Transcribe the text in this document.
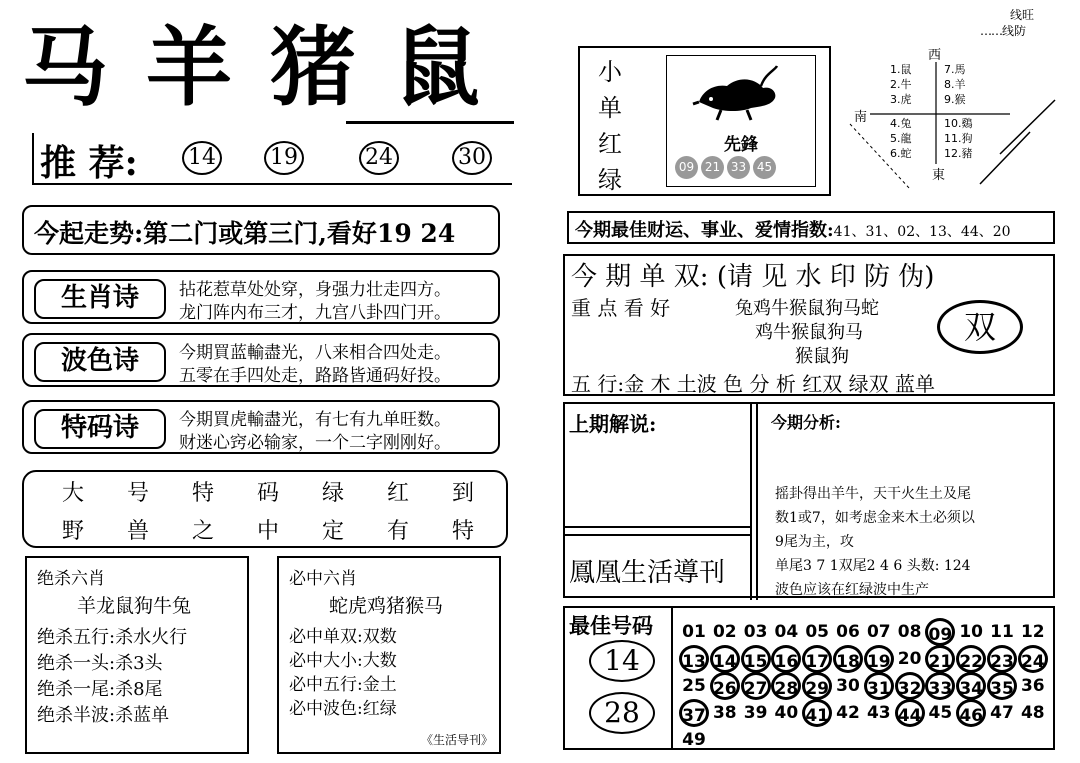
马羊猪鼠
推 荐: 14 19	24	30
今起走势:第二门或第三门,看好19 24
生肖诗	拈花惹草处处穿，身强力壮走四方。
龙门阵内布三才，九宫八卦四门开。
波色诗	今期買蓝輸盡光，八来相合四处走。
五零在手四处走，路路皆通码好投。
特码诗	今期買虎輸盡光，有七有九单旺数。
财迷心窍必输家，一个二字刚刚好。
大 号 特 码 绿 红 到
野 兽 之 中 定 有 特
绝杀六肖
羊龙鼠狗牛兔
绝杀五行:杀水火行
绝杀一头:杀3头
绝杀一尾:杀8尾
绝杀半波:杀蓝单
必中六肖
蛇虎鸡猪猴马
必中单双:双数
必中大小:大数
必中五行:金土
必中波色:红绿
《生活导刊》
小
单
红
绿
先鋒
09 21 33 45
线旺
……线防
西
南
東
1.鼠
2.牛
3.虎
4.兔
5.龍
6.蛇
7.馬
8.羊
9.猴
10.鷄
11.狗
12.豬
今期最佳财运、事业、爱情指数:41、31、02、13、44、20
今 期 单 双: (请 见 水 印 防 伪)
重 点 看 好	兔鸡牛猴鼠狗马蛇
鸡牛猴鼠狗马
猴鼠狗
双
五 行:金 木 土波 色 分 析 红双 绿双 蓝单
上期解说:
鳳凰生活導刊
今期分析:
摇卦得出羊牛，天干火生土及尾
数1或7，如考虑金来木土必须以
9尾为主，攻
单尾3 7 1双尾2 4 6 头数: 124
波色应该在红绿波中生产
最佳号码
14
28
01 02 03 04 05 06 07 08 09 10 11 12
13 14 15 16 17 18 19 20 21 22 23 24
25 26 27 28 29 30 31 32 33 34 35 36
37 38 39 40 41 42 43 44 45 46 47 48
49
